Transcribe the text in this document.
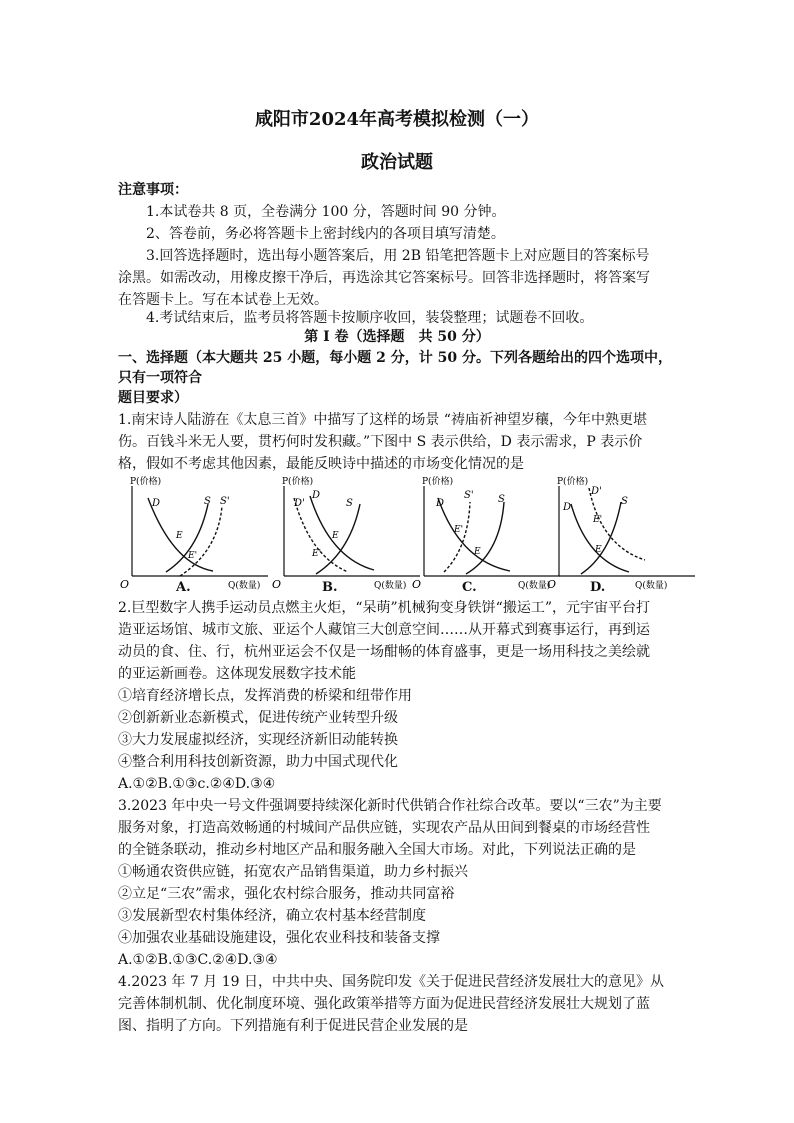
咸阳市2024年高考模拟检测（一）
政治试题
注意事项：
1.本试卷共 8 页，全卷满分 100 分，答题时间 90 分钟。
2、答卷前，务必将答题卡上密封线内的各项目填写清楚。
3.回答选择题时，选出每小题答案后，用 2B 铅笔把答题卡上对应题目的答案标号
涂黑。如需改动，用橡皮擦干净后，再选涂其它答案标号。回答非选择题时，将答案写
在答题卡上。写在本试卷上无效。
4.考试结束后，监考员将答题卡按顺序收回，装袋整理；试题卷不回收。
第 I 卷（选择题　共 50 分）
一、选择题（本大题共 25 小题，每小题 2 分，计 50 分。下列各题给出的四个选项中，
只有一项符合
题目要求）
1.南宋诗人陆游在《太息三首》中描写了这样的场景 “祷庙祈神望岁穰，今年中熟更堪
伤。百钱斗米无人要，贯朽何时发积藏。”下图中 S 表示供给，D 表示需求，P 表示价
格，假如不考虑其他因素，最能反映诗中描述的市场变化情况的是
P(价格)
Q(数量)
O
D	S S'
E
E'
A.
P(价格)
Q(数量)
O
D'
D
S
E
E'
B.
P(价格)
Q(数量)
O
D
S' S
E'
E
C.
P(价格)
Q(数量)
O
D
D'
S
E'
E
D.
2.巨型数字人携手运动员点燃主火炬，“呆萌”机械狗变身铁饼“搬运工”，元宇宙平台打
造亚运场馆、城市文旅、亚运个人藏馆三大创意空间……从开幕式到赛事运行，再到运
动员的食、住、行，杭州亚运会不仅是一场酣畅的体育盛事，更是一场用科技之美绘就
的亚运新画卷。这体现发展数字技术能
①培育经济增长点，发挥消费的桥梁和纽带作用
②创新新业态新模式，促进传统产业转型升级
③大力发展虚拟经济，实现经济新旧动能转换
④整合利用科技创新资源，助力中国式现代化
A.①②B.①③c.②④D.③④
3.2023 年中央一号文件强调要持续深化新时代供销合作社综合改革。要以“三农”为主要
服务对象，打造高效畅通的村城间产品供应链，实现农产品从田间到餐桌的市场经营性
的全链条联动，推动乡村地区产品和服务融入全国大市场。对此，下列说法正确的是
①畅通农资供应链，拓宽农产品销售渠道，助力乡村振兴
②立足“三农”需求，强化农村综合服务，推动共同富裕
③发展新型农村集体经济，确立农村基本经营制度
④加强农业基础设施建设，强化农业科技和装备支撑
A.①②B.①③C.②④D.③④
4.2023 年 7 月 19 日，中共中央、国务院印发《关于促进民营经济发展壮大的意见》从
完善体制机制、优化制度环境、强化政策举措等方面为促进民营经济发展壮大规划了蓝
图、指明了方向。下列措施有利于促进民营企业发展的是
